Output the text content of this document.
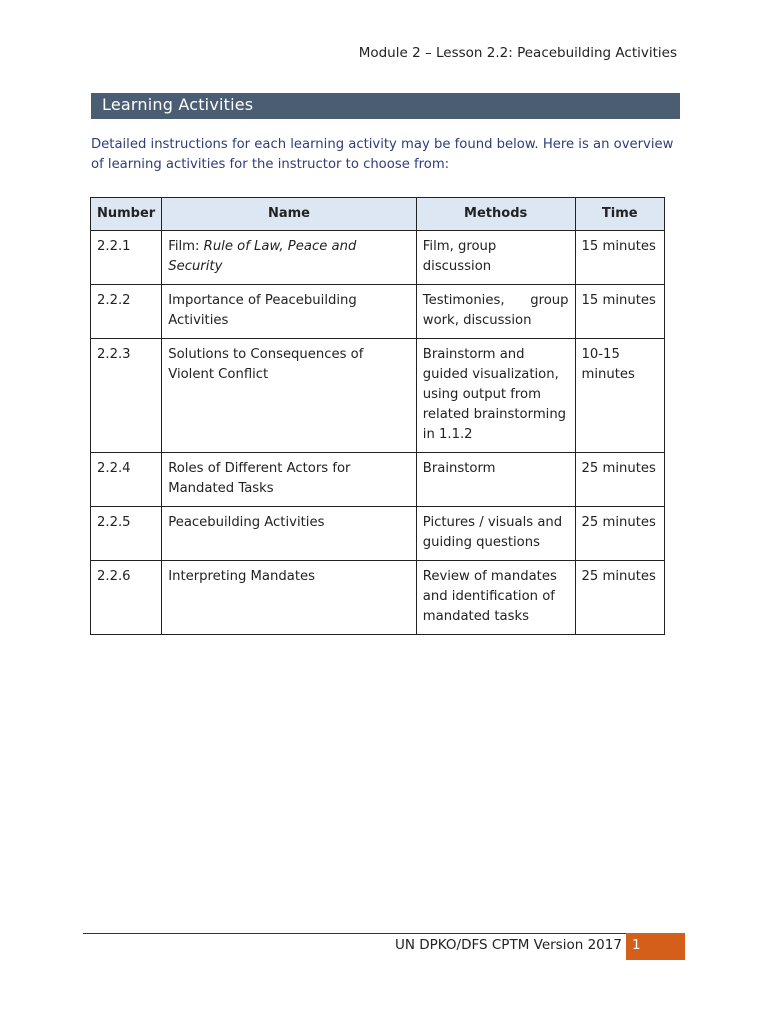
Module 2 – Lesson 2.2: Peacebuilding Activities
Learning Activities

Detailed instructions for each learning activity may be found below. Here is an overview of learning activities for the instructor to choose from:

Number	Name	Methods	Time
2.2.1	Film: Rule of Law, Peace and Security	Film, group discussion	15 minutes
2.2.2	Importance of Peacebuilding Activities	Testimonies, group work, discussion	15 minutes
2.2.3	Solutions to Consequences of Violent Conflict	Brainstorm and guided visualization, using output from related brainstorming in 1.1.2	10-15 minutes
2.2.4	Roles of Different Actors for Mandated Tasks	Brainstorm	25 minutes
2.2.5	Peacebuilding Activities	Pictures / visuals and guiding questions	25 minutes
2.2.6	Interpreting Mandates	Review of mandates and identification of mandated tasks	25 minutes
UN DPKO/DFS CPTM Version 2017 1
